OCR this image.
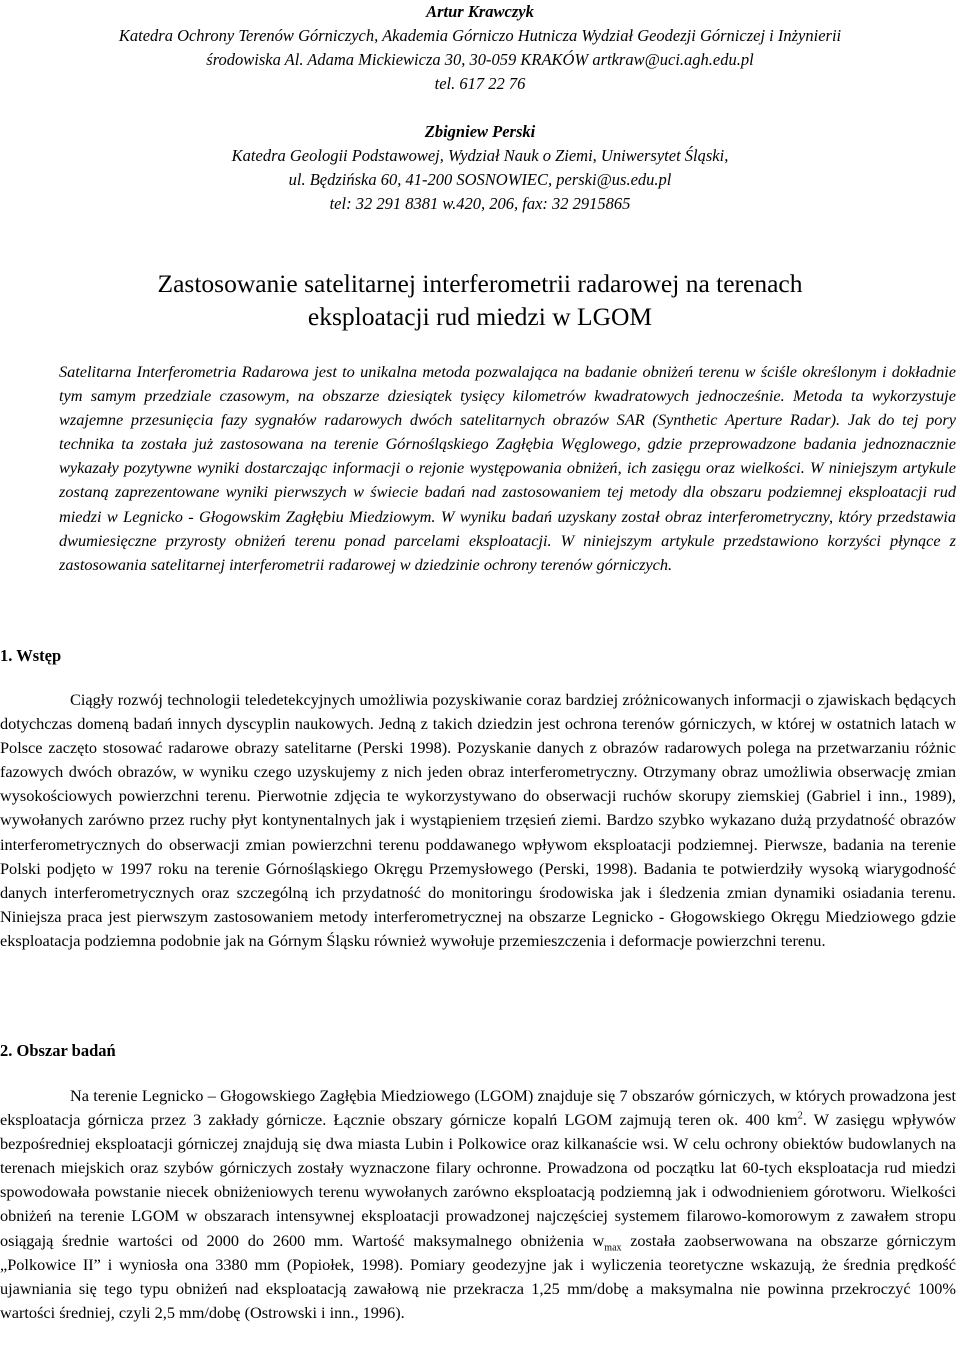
Artur Krawczyk
Katedra Ochrony Terenów Górniczych, Akademia Górniczo Hutnicza Wydział Geodezji Górniczej i Inżynierii
środowiska Al. Adama Mickiewicza 30, 30-059 KRAKÓW artkraw@uci.agh.edu.pl
tel. 617 22 76
Zbigniew Perski
Katedra Geologii Podstawowej, Wydział Nauk o Ziemi, Uniwersytet Śląski,
ul. Będzińska 60, 41-200 SOSNOWIEC, perski@us.edu.pl
tel: 32 291 8381 w.420, 206, fax: 32 2915865
Zastosowanie satelitarnej interferometrii radarowej na terenach
eksploatacji rud miedzi w LGOM
Satelitarna Interferometria Radarowa jest to unikalna metoda pozwalająca na badanie obniżeń terenu w ściśle określonym i dokładnie tym samym przedziale czasowym, na obszarze dziesiątek tysięcy kilometrów kwadratowych jednocześnie. Metoda ta wykorzystuje wzajemne przesunięcia fazy sygnałów radarowych dwóch satelitarnych obrazów SAR (Synthetic Aperture Radar). Jak do tej pory technika ta została już zastosowana na terenie Górnośląskiego Zagłębia Węglowego, gdzie przeprowadzone badania jednoznacznie wykazały pozytywne wyniki dostarczając informacji o rejonie występowania obniżeń, ich zasięgu oraz wielkości. W niniejszym artykule zostaną zaprezentowane wyniki pierwszych w świecie badań nad zastosowaniem tej metody dla obszaru podziemnej eksploatacji rud miedzi w Legnicko - Głogowskim Zagłębiu Miedziowym. W wyniku badań uzyskany został obraz interferometryczny, który przedstawia dwumiesięczne przyrosty obniżeń terenu ponad parcelami eksploatacji. W niniejszym artykule przedstawiono korzyści płynące z zastosowania satelitarnej interferometrii radarowej w dziedzinie ochrony terenów górniczych.
1. Wstęp
Ciągły rozwój technologii teledetekcyjnych umożliwia pozyskiwanie coraz bardziej zróżnicowanych informacji o zjawiskach będących dotychczas domeną badań innych dyscyplin naukowych. Jedną z takich dziedzin jest ochrona terenów górniczych, w której w ostatnich latach w Polsce zaczęto stosować radarowe obrazy satelitarne (Perski 1998). Pozyskanie danych z obrazów radarowych polega na przetwarzaniu różnic fazowych dwóch obrazów, w wyniku czego uzyskujemy z nich jeden obraz interferometryczny. Otrzymany obraz umożliwia obserwację zmian wysokościowych powierzchni terenu. Pierwotnie zdjęcia te wykorzystywano do obserwacji ruchów skorupy ziemskiej (Gabriel i inn., 1989), wywołanych zarówno przez ruchy płyt kontynentalnych jak i wystąpieniem trzęsień ziemi. Bardzo szybko wykazano dużą przydatność obrazów interferometrycznych do obserwacji zmian powierzchni terenu poddawanego wpływom eksploatacji podziemnej. Pierwsze, badania na terenie Polski podjęto w 1997 roku na terenie Górnośląskiego Okręgu Przemysłowego (Perski, 1998). Badania te potwierdziły wysoką wiarygodność danych interferometrycznych oraz szczególną ich przydatność do monitoringu środowiska jak i śledzenia zmian dynamiki osiadania terenu. Niniejsza praca jest pierwszym zastosowaniem metody interferometrycznej na obszarze Legnicko - Głogowskiego Okręgu Miedziowego gdzie eksploatacja podziemna podobnie jak na Górnym Śląsku również wywołuje przemieszczenia i deformacje powierzchni terenu.
2. Obszar badań
Na terenie Legnicko – Głogowskiego Zagłębia Miedziowego (LGOM) znajduje się 7 obszarów górniczych, w których prowadzona jest eksploatacja górnicza przez 3 zakłady górnicze. Łącznie obszary górnicze kopalń LGOM zajmują teren ok. 400 $km^2$. W zasięgu wpływów bezpośredniej eksploatacji górniczej znajdują się dwa miasta Lubin i Polkowice oraz kilkanaście wsi. W celu ochrony obiektów budowlanych na terenach miejskich oraz szybów górniczych zostały wyznaczone filary ochronne. Prowadzona od początku lat 60-tych eksploatacja rud miedzi spowodowała powstanie niecek obniżeniowych terenu wywołanych zarówno eksploatacją podziemną jak i odwodnieniem górotworu. Wielkości obniżeń na terenie LGOM w obszarach intensywnej eksploatacji prowadzonej najczęściej systemem filarowo-komorowym z zawałem stropu osiągają średnie wartości od 2000 do 2600 mm. Wartość maksymalnego obniżenia $w_{max}$ została zaobserwowana na obszarze górniczym „Polkowice II” i wyniosła ona 3380 mm (Popiołek, 1998). Pomiary geodezyjne jak i wyliczenia teoretyczne wskazują, że średnia prędkość ujawniania się tego typu obniżeń nad eksploatacją zawałową nie przekracza 1,25 mm/dobę a maksymalna nie powinna przekroczyć 100% wartości średniej, czyli 2,5 mm/dobę (Ostrowski i inn., 1996).
